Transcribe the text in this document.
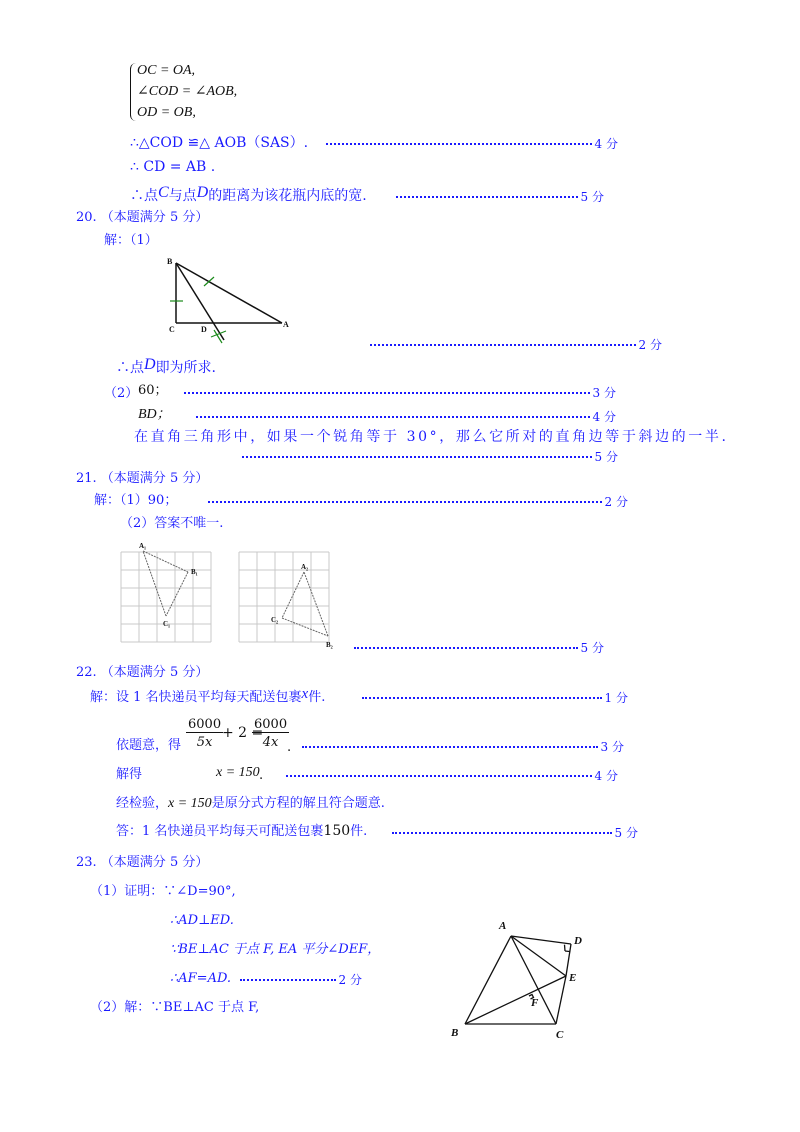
OC = OA,
∠COD = ∠AOB,
OD = OB,
∴△COD ≌△ AOB（SAS）.	4 分
∴ CD = AB .
∴点C与点D的距离为该花瓶内底的宽.	5 分
20. （本题满分 5 分）
解：（1）
B
C	D
A
2 分
∴点D即为所求.
（2） 60；	3 分
BD；	4 分
在直角三角形中，如果一个锐角等于 30°，那么它所对的直角边等于斜边的一半.
5 分
21. （本题满分 5 分）
解：（1）90；	2 分
（2）答案不唯一.
A₁
B₁
C₁
A₂
C₂
B₂	5 分
22. （本题满分 5 分）
解：设 1 名快递员平均每天配送包裹x件.	1 分
依题意，得 $\frac{6000}{5x}$
+ 2 =
$\frac{6000}{4x}$
.	3 分
解得	x = 150 .	4 分
经检验，x = 150是原分式方程的解且符合题意.
答：1 名快递员平均每天可配送包裹150件.	5 分
23. （本题满分 5 分）
（1）证明：∵∠D=90°,
∴AD⊥ED.
∵BE⊥AC 于点 F, EA 平分∠DEF，
∴AF=AD.	2 分
（2）解：∵BE⊥AC 于点 F,
A
D
E
F
B	C
